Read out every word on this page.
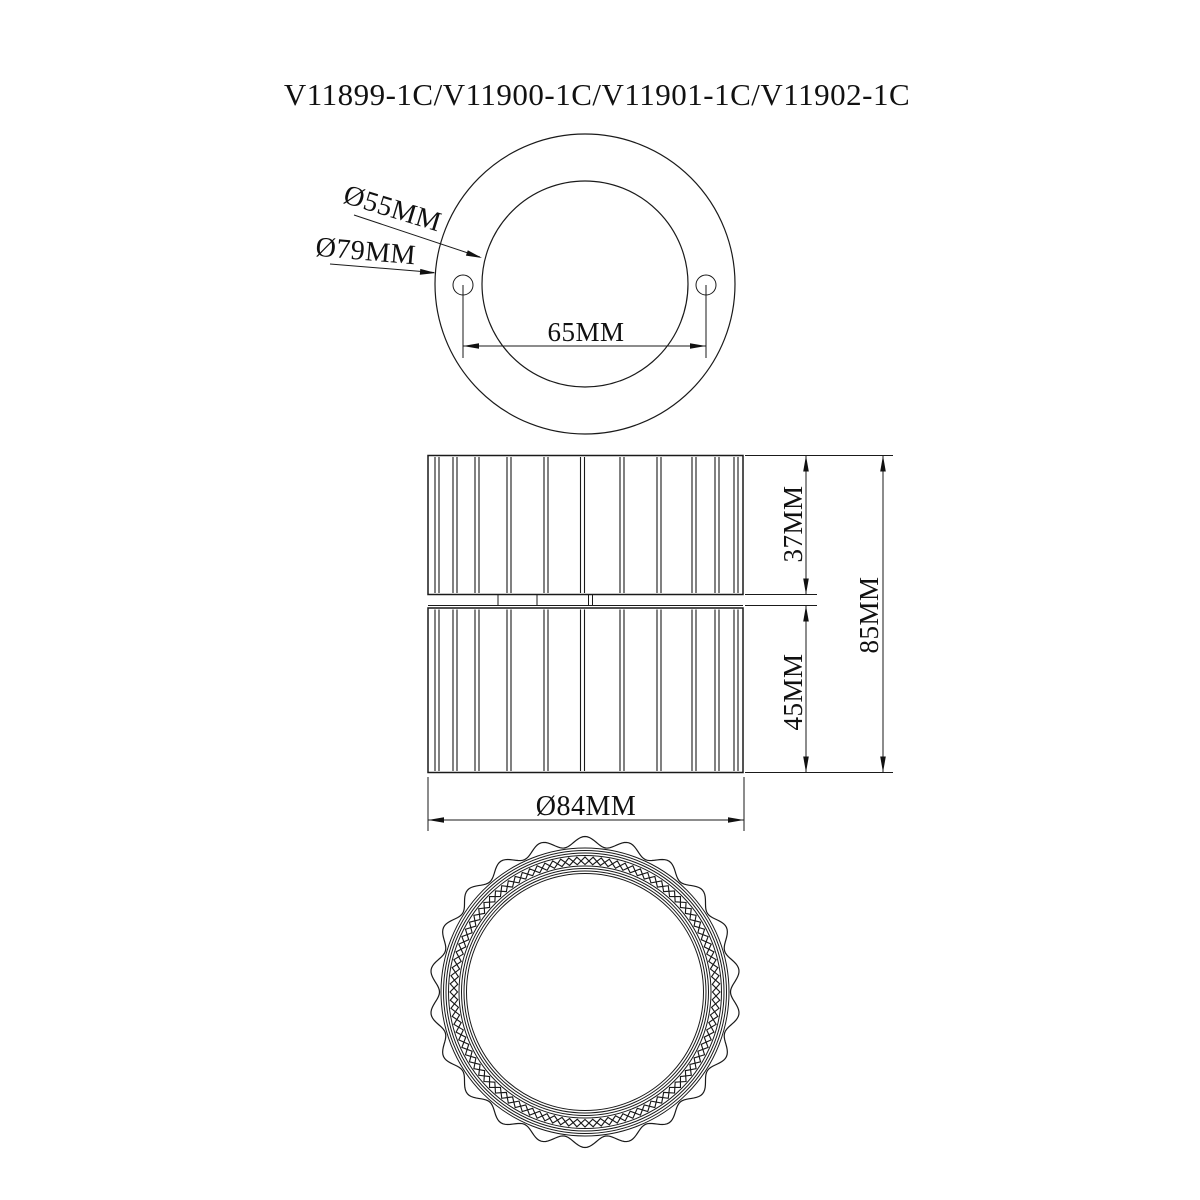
V11899-1C/V11900-1C/V11901-1C/V11902-1C
65MM
Ø55MM
Ø79MM
37MM
45MM
85MM
Ø84MM
